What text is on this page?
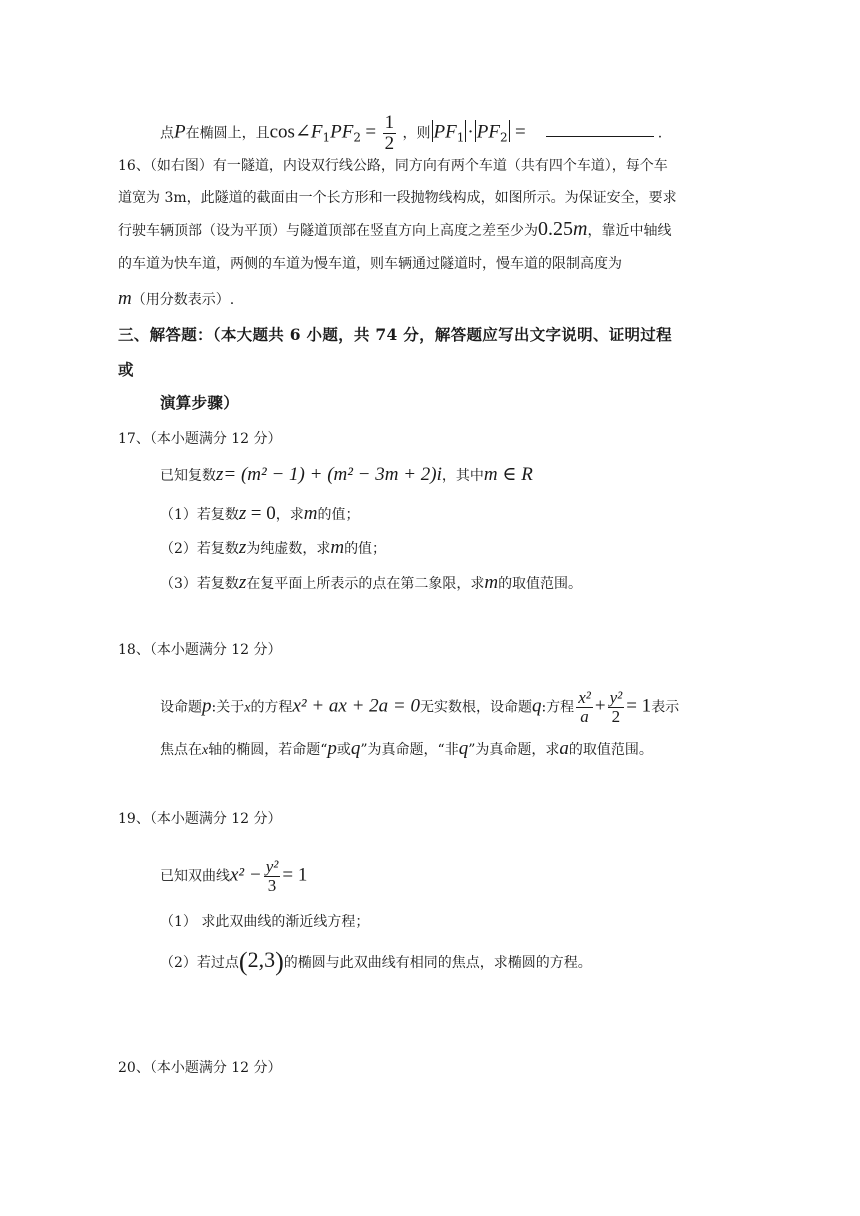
点P在椭圆上，且cos∠F1PF2 = $\frac{1}{2}$ ，则 PF1 · PF2 =	.
16、（如右图）有一隧道，内设双行线公路，同方向有两个车道（共有四个车道），每个车
道宽为 3m，此隧道的截面由一个长方形和一段抛物线构成，如图所示。为保证安全，要求
行驶车辆顶部（设为平顶）与隧道顶部在竖直方向上高度之差至少为0.25m，靠近中轴线
的车道为快车道，两侧的车道为慢车道，则车辆通过隧道时，慢车道的限制高度为
m（用分数表示）.
三、解答题：（本大题共 6 小题，共 74 分，解答题应写出文字说明、证明过程
或
演算步骤）
17、（本小题满分 12 分）
已知复数z= (m² − 1) + (m² − 3m + 2)i，其中m ∈ R
（1）若复数z = 0，求m的值；
（2）若复数z为纯虚数，求m的值；
（3）若复数z在复平面上所表示的点在第二象限，求m的取值范围。
18、（本小题满分 12 分）
设命题p:关于x的方程x² + ax + 2a = 0无实数根，设命题q:方程 $\frac{\text{x²}}{a} + \frac{\text{y²}}{2} = 1$表示
焦点在x轴的椭圆，若命题“p或q”为真命题，“非q”为真命题，求a的取值范围。
19、（本小题满分 12 分）
已知双曲线$x^2 - \frac{\text{y²}}{3} = 1$
（1） 求此双曲线的渐近线方程；
（2）若过点(2,3)的椭圆与此双曲线有相同的焦点，求椭圆的方程。
20、（本小题满分 12 分）
